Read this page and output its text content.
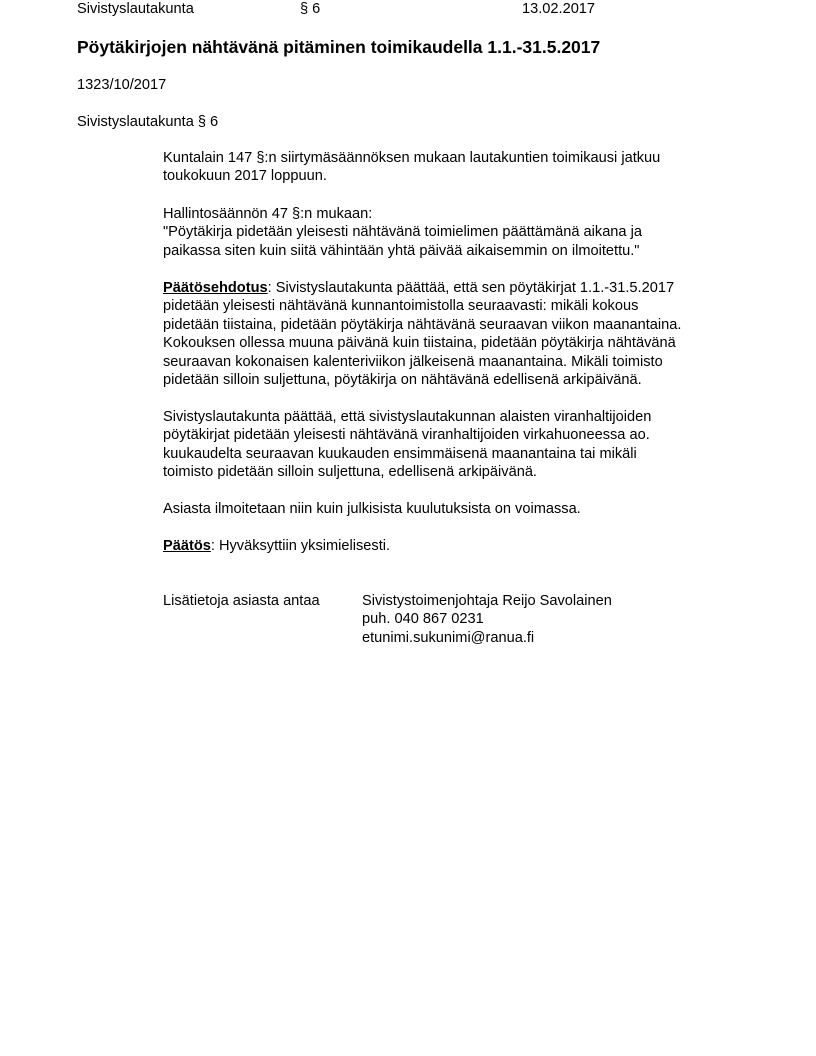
Sivistyslautakunta	§ 6	13.02.2017
Pöytäkirjojen nähtävänä pitäminen toimikaudella 1.1.-31.5.2017
1323/10/2017
Sivistyslautakunta § 6
Kuntalain 147 §:n siirtymäsäännöksen mukaan lautakuntien toimikausi jatkuu
toukokuun 2017 loppuun.
Hallintosäännön 47 §:n mukaan:
"Pöytäkirja pidetään yleisesti nähtävänä toimielimen päättämänä aikana ja
paikassa siten kuin siitä vähintään yhtä päivää aikaisemmin on ilmoitettu."
Päätösehdotus: Sivistyslautakunta päättää, että sen pöytäkirjat 1.1.-31.5.2017
pidetään yleisesti nähtävänä kunnantoimistolla seuraavasti: mikäli kokous
pidetään tiistaina, pidetään pöytäkirja nähtävänä seuraavan viikon maanantaina.
Kokouksen ollessa muuna päivänä kuin tiistaina, pidetään pöytäkirja nähtävänä
seuraavan kokonaisen kalenteriviikon jälkeisenä maanantaina. Mikäli toimisto
pidetään silloin suljettuna, pöytäkirja on nähtävänä edellisenä arkipäivänä.
Sivistyslautakunta päättää, että sivistyslautakunnan alaisten viranhaltijoiden
pöytäkirjat pidetään yleisesti nähtävänä viranhaltijoiden virkahuoneessa ao.
kuukaudelta seuraavan kuukauden ensimmäisenä maanantaina tai mikäli
toimisto pidetään silloin suljettuna, edellisenä arkipäivänä.
Asiasta ilmoitetaan niin kuin julkisista kuulutuksista on voimassa.
Päätös: Hyväksyttiin yksimielisesti.
Lisätietoja asiasta antaa	Sivistystoimenjohtaja Reijo Savolainen
puh. 040 867 0231
etunimi.sukunimi@ranua.fi
